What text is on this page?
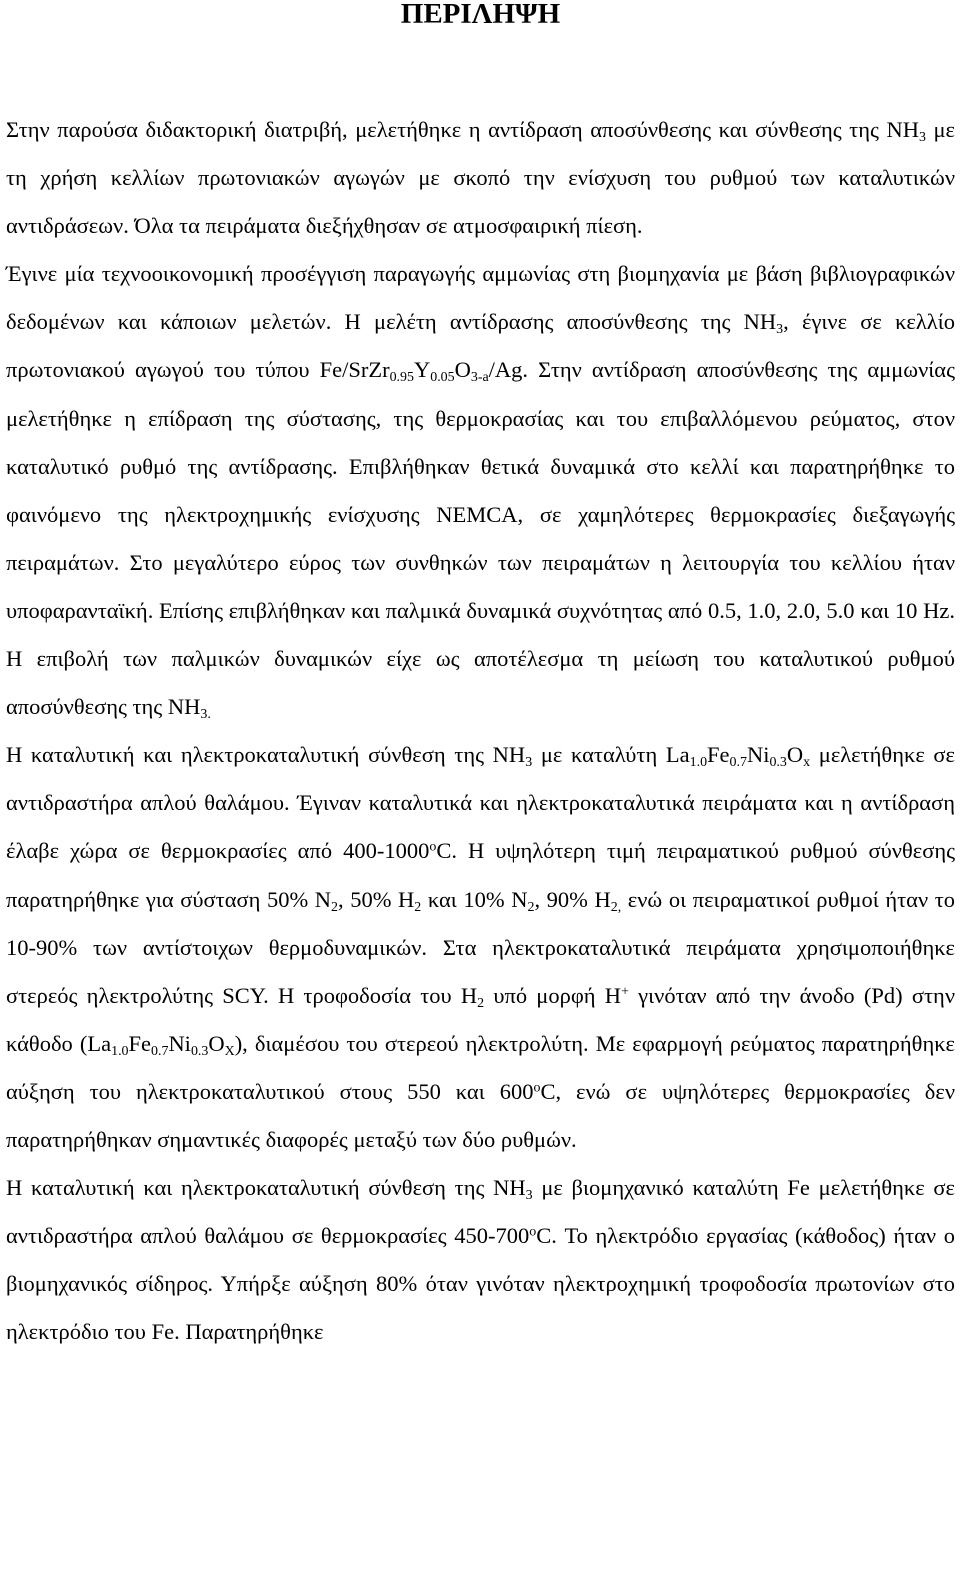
ΠΕΡΙΛΗΨΗ

Στην παρούσα διδακτορική διατριβή, μελετήθηκε η αντίδραση αποσύνθεσης και σύνθεσης της $NH_3$ με τη χρήση κελλίων πρωτονιακών αγωγών με σκοπό την ενίσχυση του ρυθμού των καταλυτικών αντιδράσεων. Όλα τα πειράματα διεξήχθησαν σε ατμοσφαιρική πίεση.

Έγινε μία τεχνοοικονομική προσέγγιση παραγωγής αμμωνίας στη βιομηχανία με βάση βιβλιογραφικών δεδομένων και κάποιων μελετών. Η μελέτη αντίδρασης αποσύνθεσης της $NH_3$, έγινε σε κελλίο πρωτονιακού αγωγού του τύπου $Fe/SrZr_{0.95}Y_{0.05}O_{3-a}/Ag$. Στην αντίδραση αποσύνθεσης της αμμωνίας μελετήθηκε η επίδραση της σύστασης, της θερμοκρασίας και του επιβαλλόμενου ρεύματος, στον καταλυτικό ρυθμό της αντίδρασης. Επιβλήθηκαν θετικά δυναμικά στο κελλί και παρατηρήθηκε το φαινόμενο της ηλεκτροχημικής ενίσχυσης NEMCA, σε χαμηλότερες θερμοκρασίες διεξαγωγής πειραμάτων. Στο μεγαλύτερο εύρος των συνθηκών των πειραμάτων η λειτουργία του κελλίου ήταν υποφαρανταϊκή. Επίσης επιβλήθηκαν και παλμικά δυναμικά συχνότητας από 0.5, 1.0, 2.0, 5.0 και 10 Hz. Η επιβολή των παλμικών δυναμικών είχε ως αποτέλεσμα τη μείωση του καταλυτικού ρυθμού αποσύνθεσης της $NH_{3.}$

Η καταλυτική και ηλεκτροκαταλυτική σύνθεση της $NH_3$ με καταλύτη $La_{1.0}Fe_{0.7}Ni_{0.3}O_x$ μελετήθηκε σε αντιδραστήρα απλού θαλάμου. Έγιναν καταλυτικά και ηλεκτροκαταλυτικά πειράματα και η αντίδραση έλαβε χώρα σε θερμοκρασίες από 400-1000$^o$C. Η υψηλότερη τιμή πειραματικού ρυθμού σύνθεσης παρατηρήθηκε για σύσταση 50% $N_2$, 50% $H_2$ και 10% $N_2$, 90% $H_{2,}$ ενώ οι πειραματικοί ρυθμοί ήταν το 10-90% των αντίστοιχων θερμοδυναμικών. Στα ηλεκτροκαταλυτικά πειράματα χρησιμοποιήθηκε στερεός ηλεκτρολύτης SCY. Η τροφοδοσία του $H_2$ υπό μορφή H+ γινόταν από την άνοδο (Pd) στην κάθοδο $(La_{1.0}Fe_{0.7}Ni_{0.3}O_X)$, διαμέσου του στερεού ηλεκτρολύτη. Με εφαρμογή ρεύματος παρατηρήθηκε αύξηση του ηλεκτροκαταλυτικού στους 550 και 600$^o$C, ενώ σε υψηλότερες θερμοκρασίες δεν παρατηρήθηκαν σημαντικές διαφορές μεταξύ των δύο ρυθμών.

Η καταλυτική και ηλεκτροκαταλυτική σύνθεση της $NH_3$ με βιομηχανικό καταλύτη Fe μελετήθηκε σε αντιδραστήρα απλού θαλάμου σε θερμοκρασίες 450-700$^o$C. Το ηλεκτρόδιο εργασίας (κάθοδος) ήταν ο βιομηχανικός σίδηρος. Υπήρξε αύξηση 80% όταν γινόταν ηλεκτροχημική τροφοδοσία πρωτονίων στο ηλεκτρόδιο του Fe. Παρατηρήθηκε
